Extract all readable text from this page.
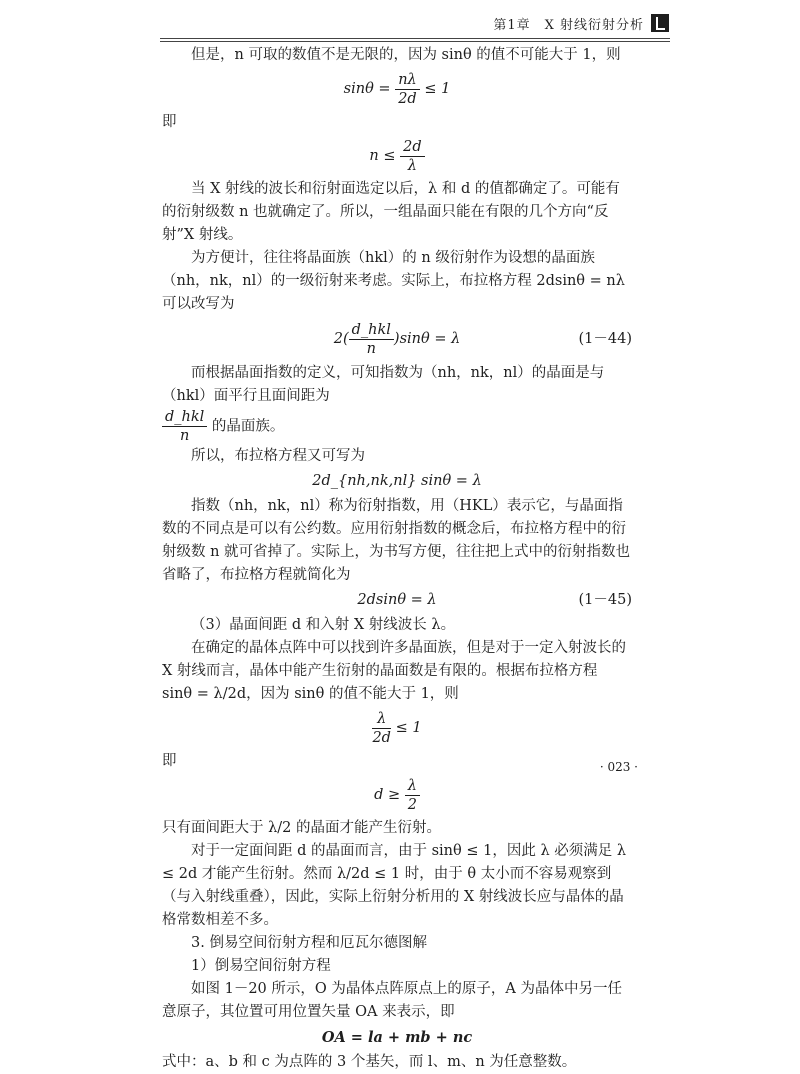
第1章　X 射线衍射分析

但是，n 可取的数值不是无限的，因为 sinθ 的值不可能大于 1，则

$\sin\theta = \frac{n\lambda}{2d} \le 1$

即

$n \le \frac{2d}{\lambda}$

当 X 射线的波长和衍射面选定以后，λ 和 d 的值都确定了。可能有的衍射级数 n 也就确定了。所以，一组晶面只能在有限的几个方向“反射”X 射线。

为方便计，往往将晶面族（hkl）的 n 级衍射作为设想的晶面族（nh，nk，nl）的一级衍射来考虑。实际上，布拉格方程 2dsinθ = nλ 可以改写为

$2( \frac{\text{d\_hkl}}{n} )\sin\theta = \lambda$	(1－44)

而根据晶面指数的定义，可知指数为（nh，nk，nl）的晶面是与（hkl）面平行且面间距为

$\frac{\text{d\_hkl}}{n}$ 的晶面族。

所以，布拉格方程又可写为

2d_{nh,nk,nl} sinθ = λ

指数（nh，nk，nl）称为衍射指数，用（HKL）表示它，与晶面指数的不同点是可以有公约数。应用衍射指数的概念后，布拉格方程中的衍射级数 n 就可省掉了。实际上，为书写方便，往往把上式中的衍射指数也省略了，布拉格方程就简化为

2dsinθ = λ	(1－45)

（3）晶面间距 d 和入射 X 射线波长 λ。

在确定的晶体点阵中可以找到许多晶面族，但是对于一定入射波长的 X 射线而言，晶体中能产生衍射的晶面数是有限的。根据布拉格方程 sinθ = λ/2d，因为 sinθ 的值不能大于 1，则

$\frac{\lambda}{2d} \le 1$

即

$d \ge \frac{\lambda}{2}$

只有面间距大于 λ/2 的晶面才能产生衍射。

对于一定面间距 d 的晶面而言，由于 sinθ ≤ 1，因此 λ 必须满足 λ ≤ 2d 才能产生衍射。然而 λ/2d ≤ 1 时，由于 θ 太小而不容易观察到（与入射线重叠），因此，实际上衍射分析用的 X 射线波长应与晶体的晶格常数相差不多。

3. 倒易空间衍射方程和厄瓦尔德图解

1）倒易空间衍射方程

如图 1－20 所示，O 为晶体点阵原点上的原子，A 为晶体中另一任意原子，其位置可用位置矢量 OA 来表示，即

OA = la + mb + nc

式中：a、b 和 c 为点阵的 3 个基矢，而 l、m、n 为任意整数。

· 023 ·
